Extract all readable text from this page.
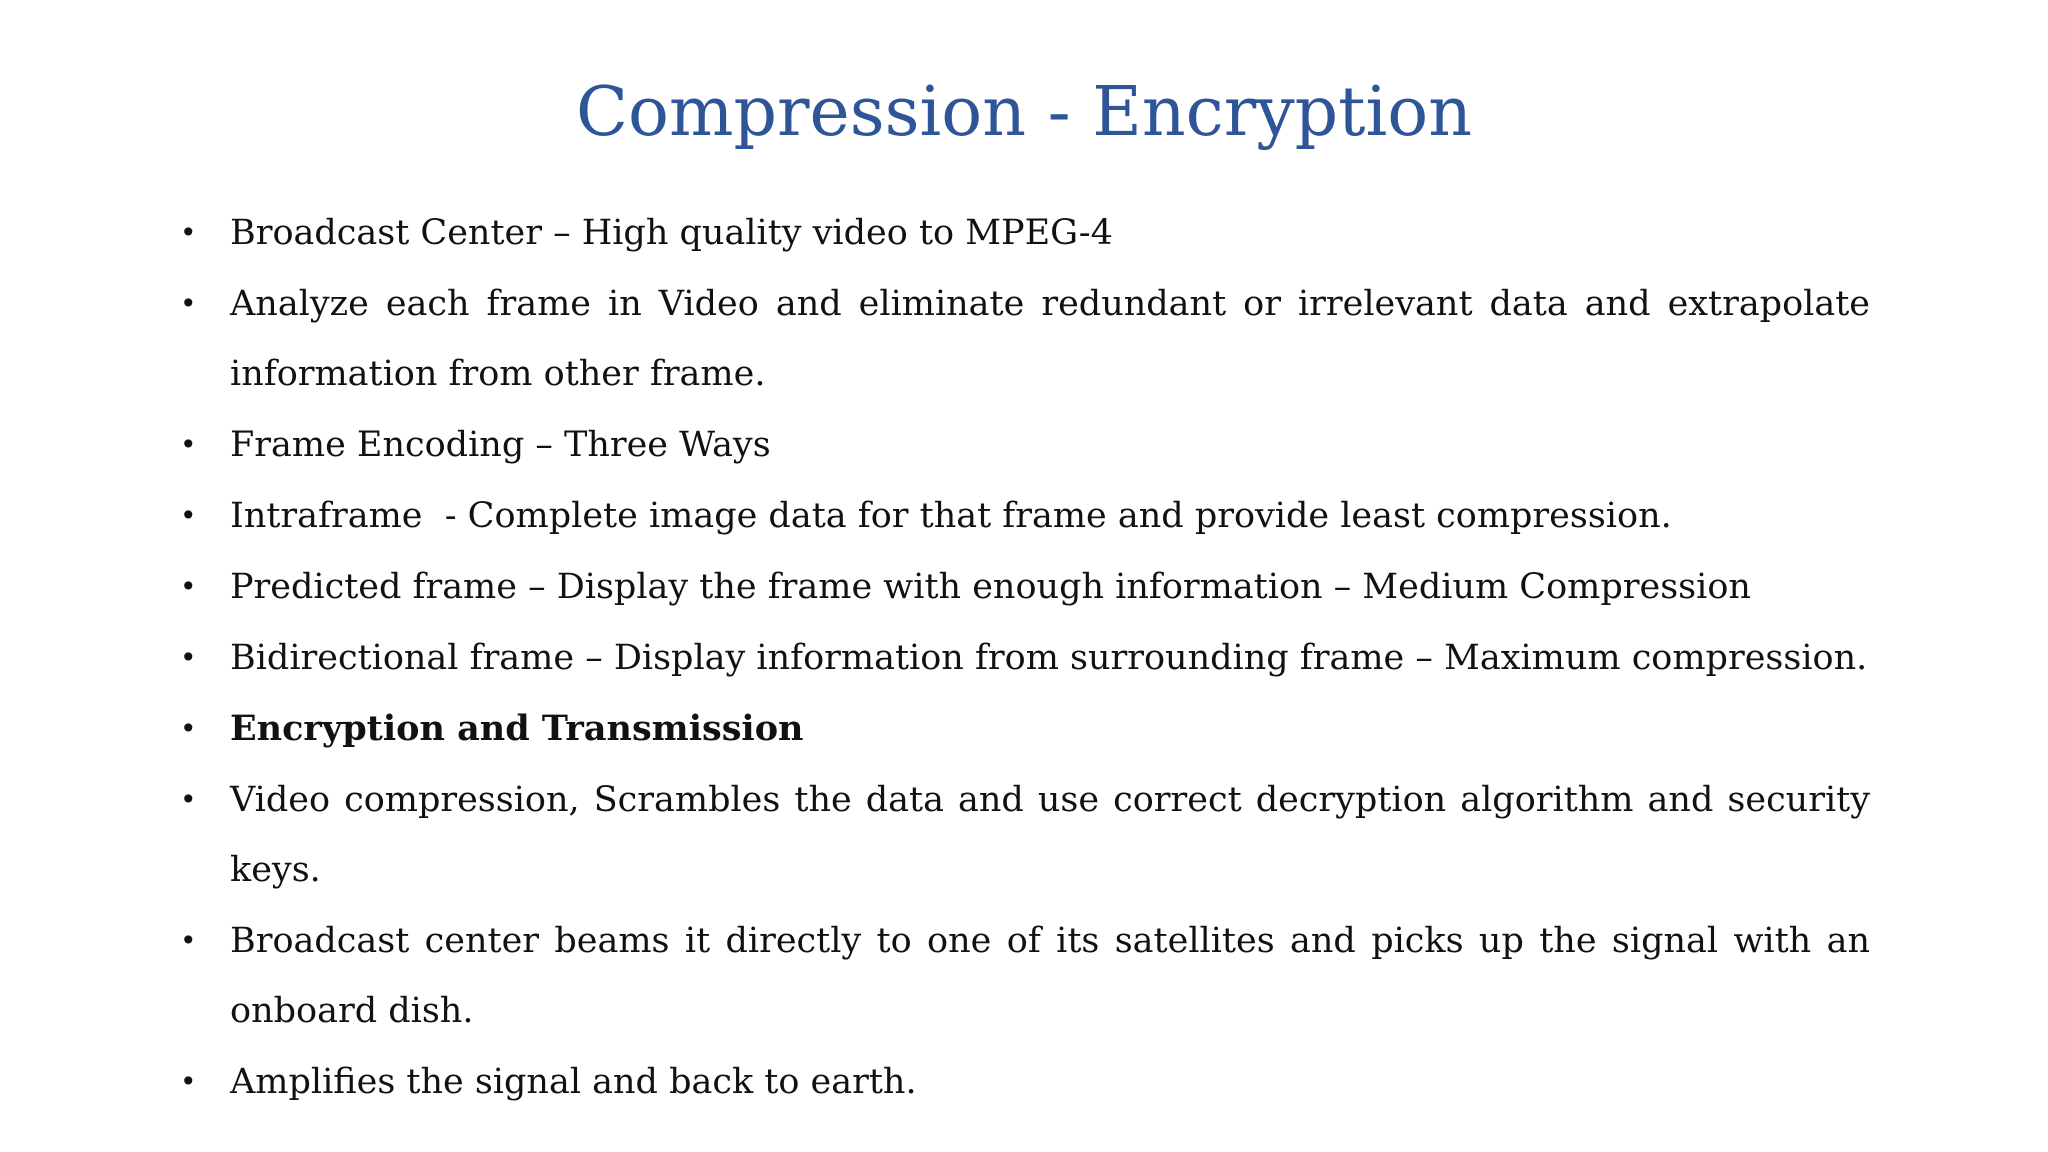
Compression - Encryption
• Broadcast Center – High quality video to MPEG-4
• Analyze each frame in Video and eliminate redundant or irrelevant data and extrapolate information from other frame.
• Frame Encoding – Three Ways
• Intraframe  - Complete image data for that frame and provide least compression.
• Predicted frame – Display the frame with enough information – Medium Compression
• Bidirectional frame – Display information from surrounding frame – Maximum compression.
• Encryption and Transmission
• Video compression, Scrambles the data and use correct decryption algorithm and security keys.
• Broadcast center beams it directly to one of its satellites and picks up the signal with an onboard dish.
• Amplifies the signal and back to earth.
